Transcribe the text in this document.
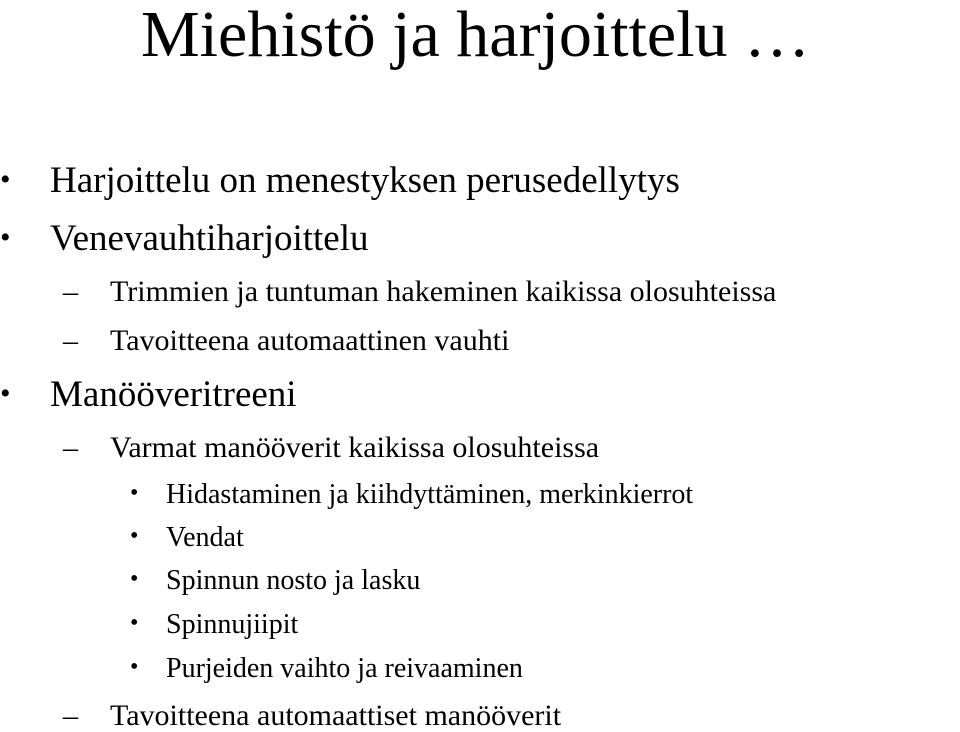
Miehistö ja harjoittelu …
• Harjoittelu on menestyksen perusedellytys
• Venevauhtiharjoittelu
– Trimmien ja tuntuman hakeminen kaikissa olosuhteissa
– Tavoitteena automaattinen vauhti
• Manööveritreeni
– Varmat manööverit kaikissa olosuhteissa
• Hidastaminen ja kiihdyttäminen, merkinkierrot
• Vendat
• Spinnun nosto ja lasku
• Spinnujiipit
• Purjeiden vaihto ja reivaaminen
– Tavoitteena automaattiset manööverit
